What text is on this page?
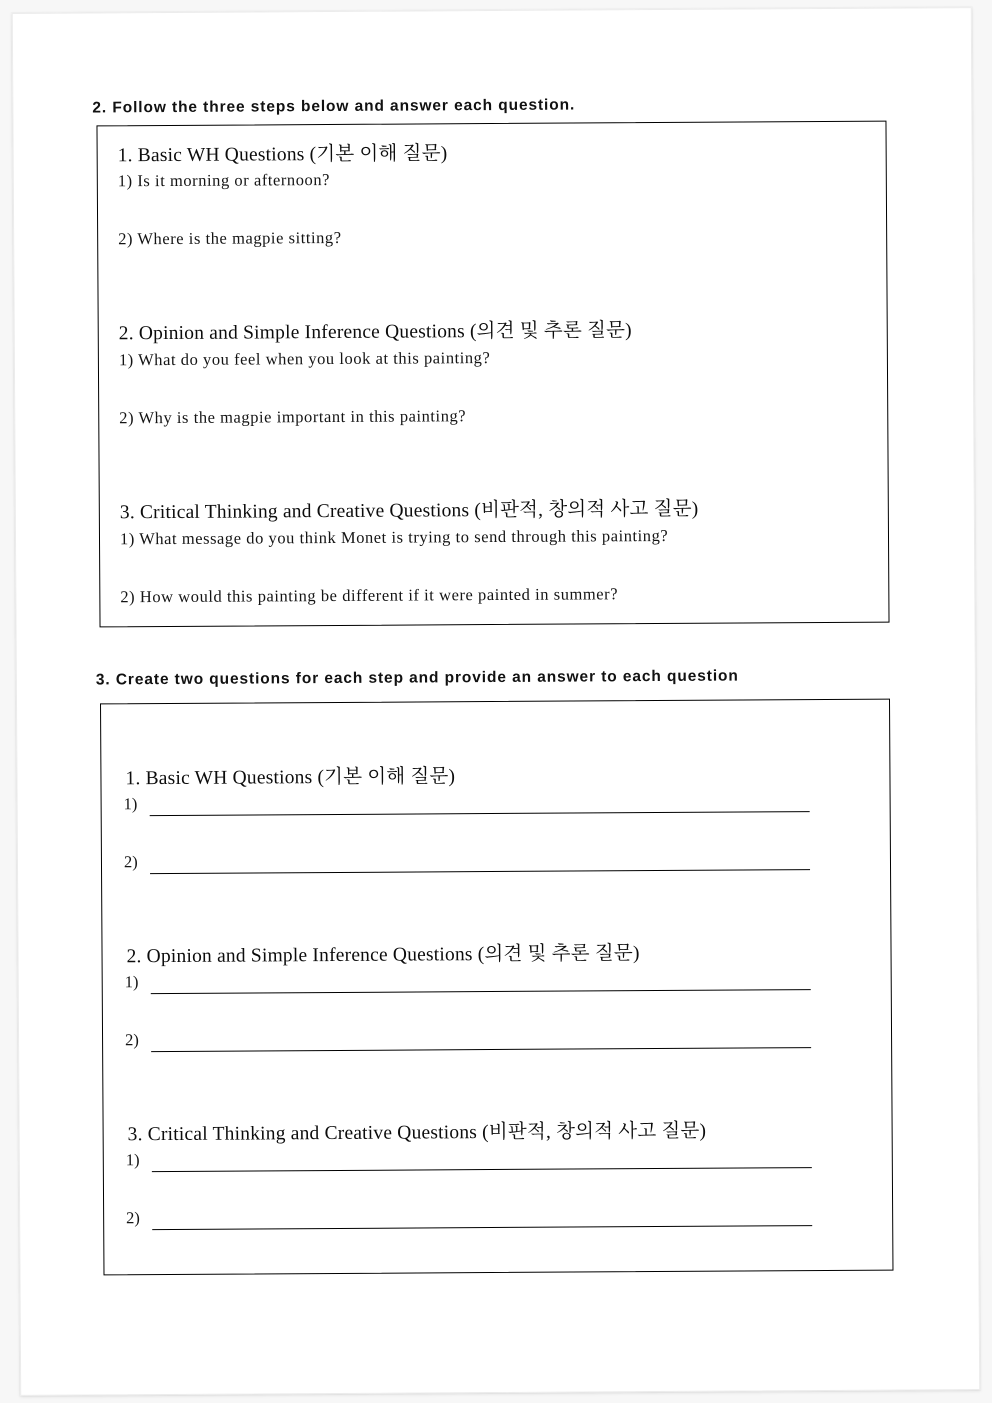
2. Follow the three steps below and answer each question.
1. Basic WH Questions (기본 이해 질문)
1) Is it morning or afternoon?
2) Where is the magpie sitting?
2. Opinion and Simple Inference Questions (의견 및 추론 질문)
1) What do you feel when you look at this painting?
2) Why is the magpie important in this painting?
3. Critical Thinking and Creative Questions (비판적, 창의적 사고 질문)
1) What message do you think Monet is trying to send through this painting?
2) How would this painting be different if it were painted in summer?
3. Create two questions for each step and provide an answer to each question
1. Basic WH Questions (기본 이해 질문)
1)
2)
2. Opinion and Simple Inference Questions (의견 및 추론 질문)
1)
2)
3. Critical Thinking and Creative Questions (비판적, 창의적 사고 질문)
1)
2)
